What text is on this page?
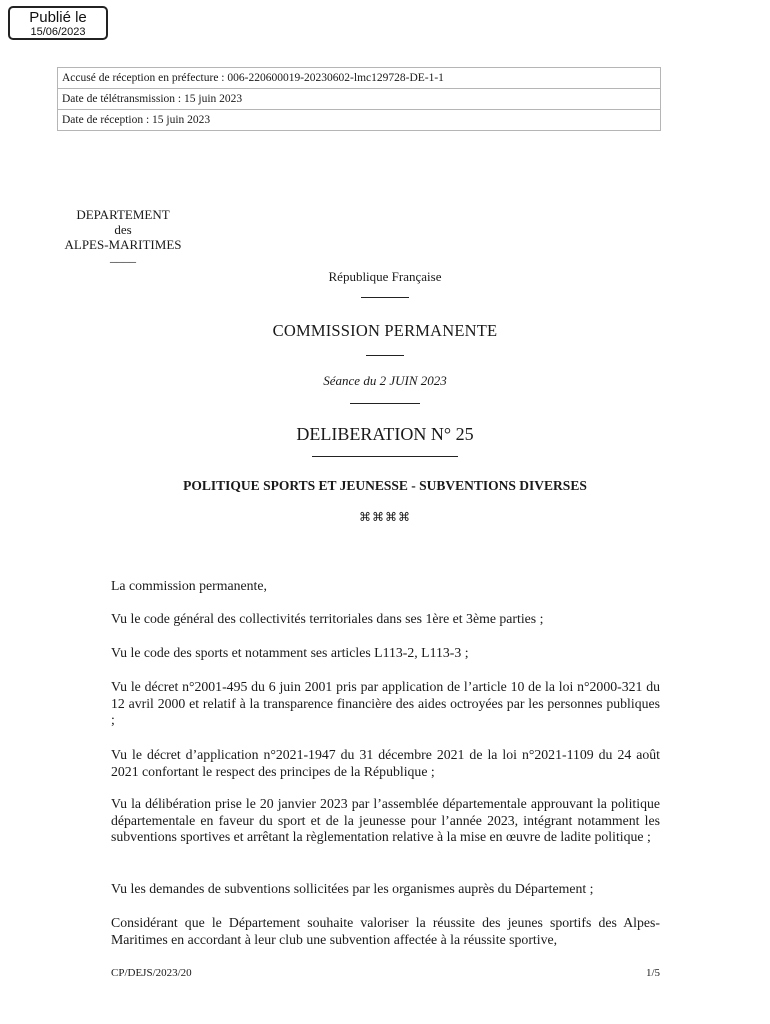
Publié le
15/06/2023
Accusé de réception en préfecture : 006-220600019-20230602-lmc129728-DE-1-1
Date de télétransmission : 15 juin 2023
Date de réception : 15 juin 2023
DEPARTEMENT
des
ALPES-MARITIMES
____
République Française
COMMISSION PERMANENTE
Séance du 2 JUIN 2023
DELIBERATION N° 25
POLITIQUE SPORTS ET JEUNESSE - SUBVENTIONS DIVERSES
⌘⌘⌘⌘
La commission permanente,
Vu le code général des collectivités territoriales dans ses 1ère et 3ème parties ;
Vu le code des sports et notamment ses articles L113-2, L113-3 ;
Vu le décret n°2001-495 du 6 juin 2001 pris par application de l’article 10 de la loi n°2000-321 du 12 avril 2000 et relatif à la transparence financière des aides octroyées par les personnes publiques ;
Vu le décret d’application n°2021-1947 du 31 décembre 2021 de la loi n°2021-1109 du 24 août 2021 confortant le respect des principes de la République ;
Vu la délibération prise le 20 janvier 2023 par l’assemblée départementale approuvant la politique départementale en faveur du sport et de la jeunesse pour l’année 2023, intégrant notamment les subventions sportives et arrêtant la règlementation relative à la mise en œuvre de ladite politique ;
Vu les demandes de subventions sollicitées par les organismes auprès du Département ;
Considérant que le Département souhaite valoriser la réussite des jeunes sportifs des Alpes-Maritimes en accordant à leur club une subvention affectée à la réussite sportive,
CP/DEJS/2023/20	1/5
